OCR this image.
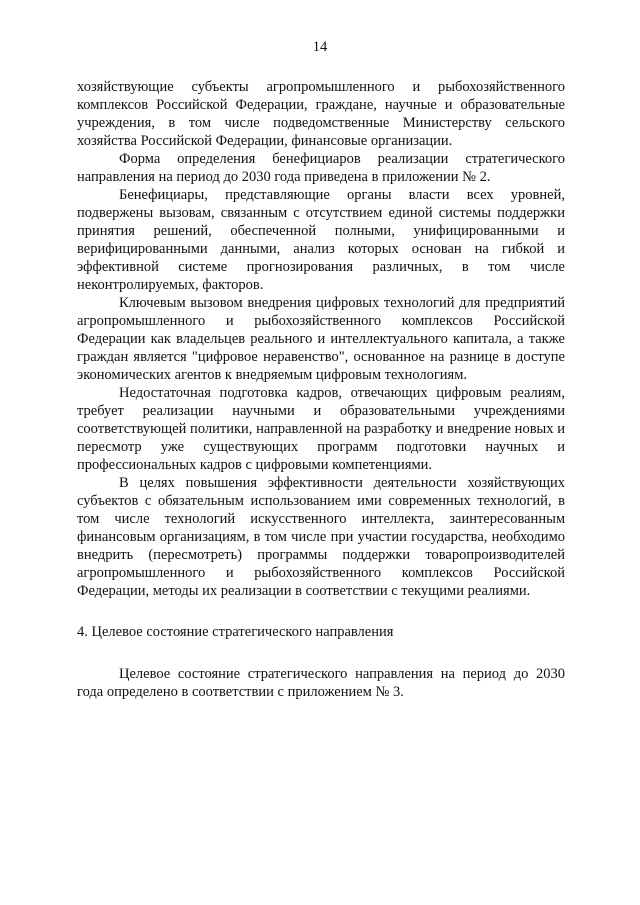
14

хозяйствующие субъекты агропромышленного и рыбохозяйственного комплексов Российской Федерации, граждане, научные и образовательные учреждения, в том числе подведомственные Министерству сельского хозяйства Российской Федерации, финансовые организации.

Форма определения бенефициаров реализации стратегического направления на период до 2030 года приведена в приложении № 2.

Бенефициары, представляющие органы власти всех уровней, подвержены вызовам, связанным с отсутствием единой системы поддержки принятия решений, обеспеченной полными, унифицированными и верифицированными данными, анализ которых основан на гибкой и эффективной системе прогнозирования различных, в том числе неконтролируемых, факторов.

Ключевым вызовом внедрения цифровых технологий для предприятий агропромышленного и рыбохозяйственного комплексов Российской Федерации как владельцев реального и интеллектуального капитала, а также граждан является "цифровое неравенство", основанное на разнице в доступе экономических агентов к внедряемым цифровым технологиям.

Недостаточная подготовка кадров, отвечающих цифровым реалиям, требует реализации научными и образовательными учреждениями соответствующей политики, направленной на разработку и внедрение новых и пересмотр уже существующих программ подготовки научных и профессиональных кадров с цифровыми компетенциями.

В целях повышения эффективности деятельности хозяйствующих субъектов с обязательным использованием ими современных технологий, в том числе технологий искусственного интеллекта, заинтересованным финансовым организациям, в том числе при участии государства, необходимо внедрить (пересмотреть) программы поддержки товаропроизводителей агропромышленного и рыбохозяйственного комплексов Российской Федерации, методы их реализации в соответствии с текущими реалиями.

4. Целевое состояние стратегического направления

Целевое состояние стратегического направления на период до 2030 года определено в соответствии с приложением № 3.
